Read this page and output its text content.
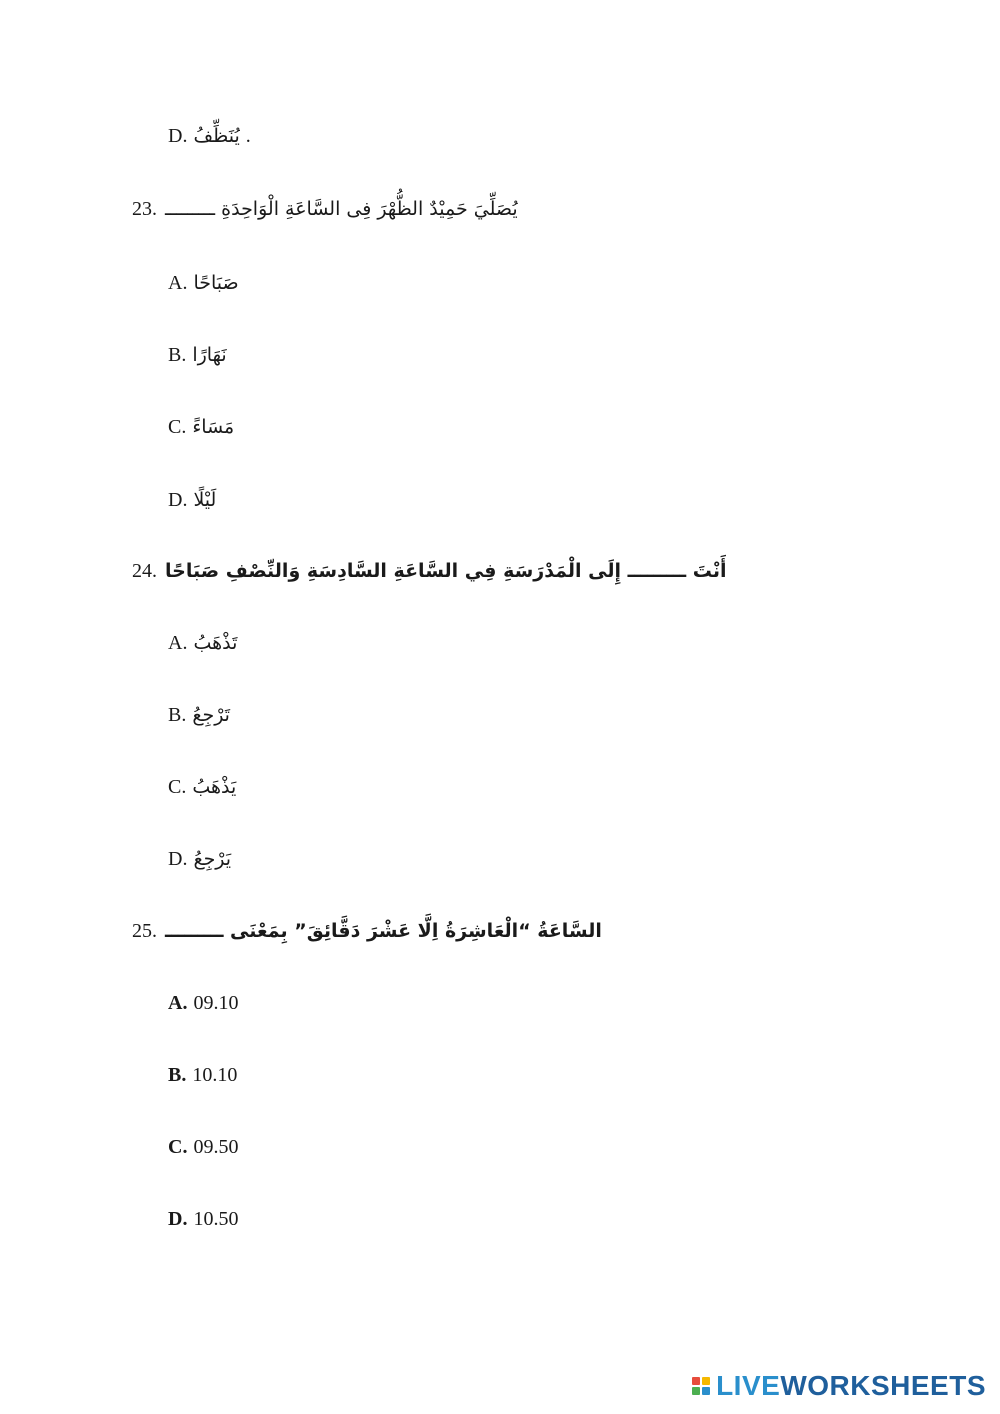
D. يُنَظِّفُ .
23. يُصَلِّيَ حَمِيْدٌ الظُّهْرَ فِى السَّاعَةِ الْوَاحِدَةِ ـــــــــ
A. صَبَاحًا
B. نَهَارًا
C. مَسَاءً
D. لَيْلًا
24. أَنْتَ ـــــــــ إِلَى الْمَدْرَسَةِ فِي السَّاعَةِ السَّادِسَةِ وَالنِّصْفِ صَبَاحًا
A. تَذْهَبُ
B. تَرْجِعُ
C. يَذْهَبُ
D. يَرْجِعُ
25. السَّاعَةُ “الْعَاشِرَةُ اِلَّا عَشْرَ دَقَّائِقَ” بِمَعْنَى ـــــــــ
A. 09.10
B. 10.10
C. 09.50
D. 10.50
LIVEWORKSHEETS
